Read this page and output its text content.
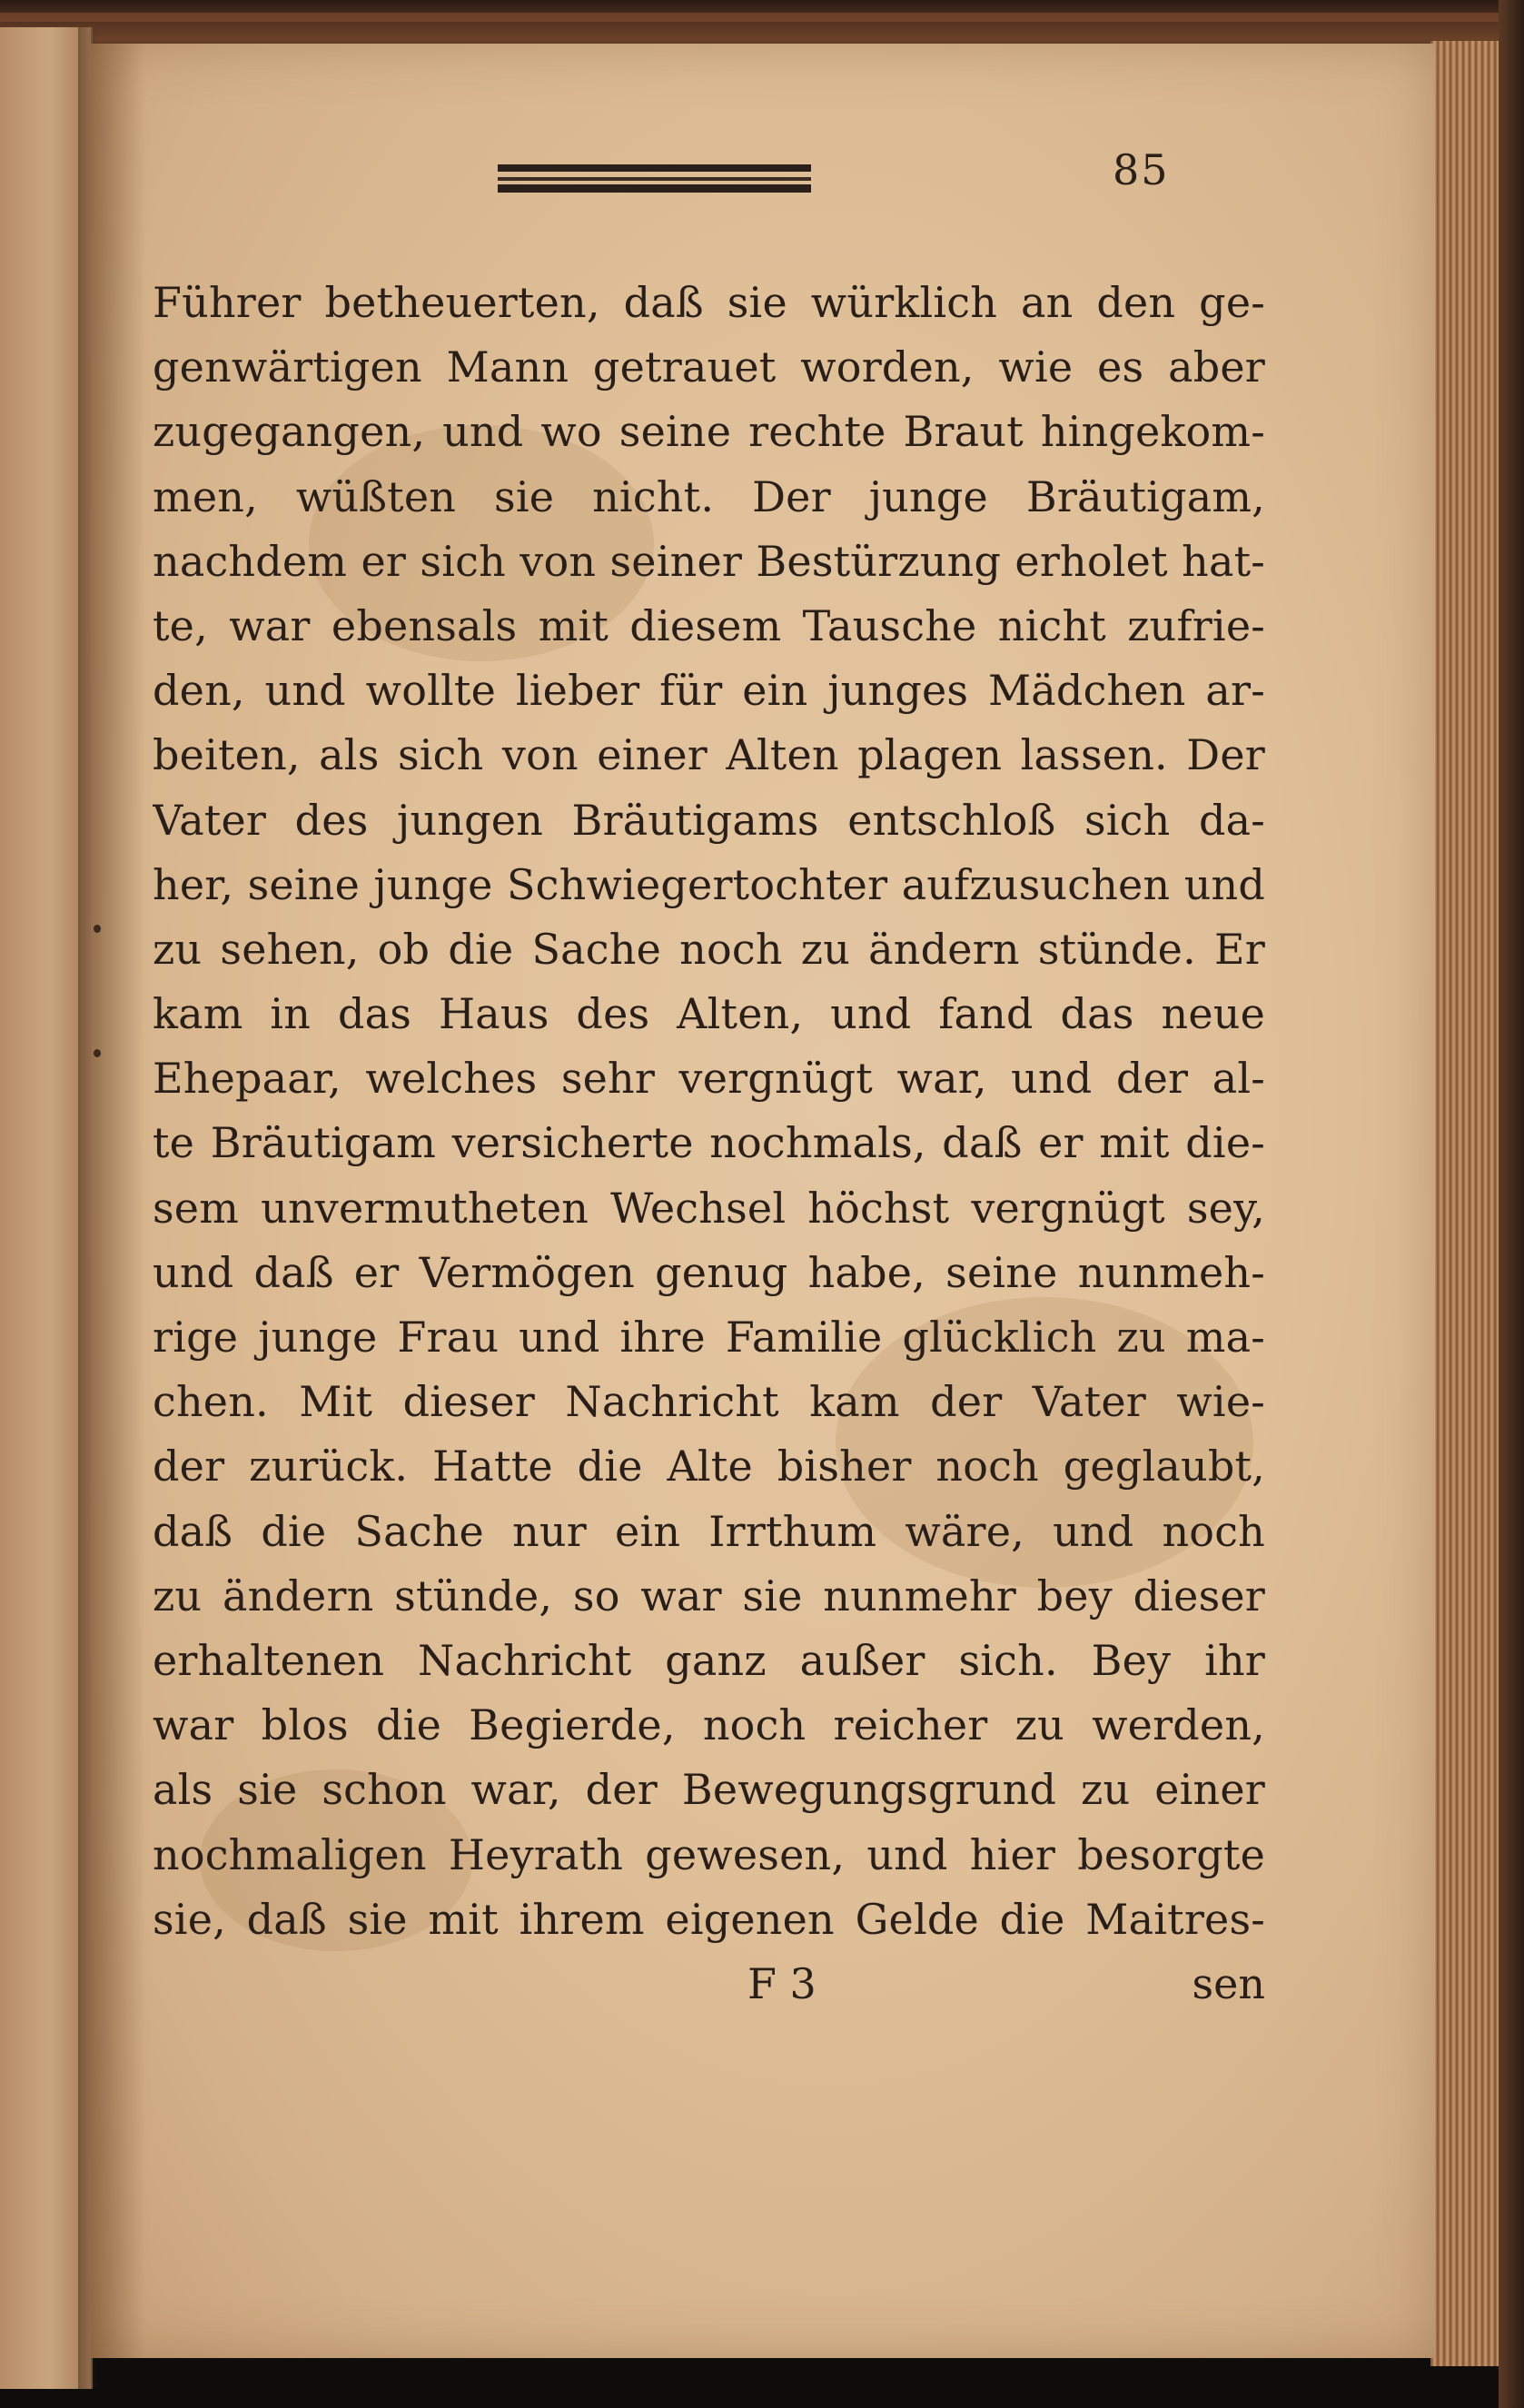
85
Führer betheuerten, daß sie würklich an den ge-
genwärtigen Mann getrauet worden, wie es aber
zugegangen, und wo seine rechte Braut hingekom-
men, wüßten sie nicht. Der junge Bräutigam,
nachdem er sich von seiner Bestürzung erholet hat-
te, war ebensals mit diesem Tausche nicht zufrie-
den, und wollte lieber für ein junges Mädchen ar-
beiten, als sich von einer Alten plagen lassen. Der
Vater des jungen Bräutigams entschloß sich da-
her, seine junge Schwiegertochter aufzusuchen und
zu sehen, ob die Sache noch zu ändern stünde. Er
kam in das Haus des Alten, und fand das neue
Ehepaar, welches sehr vergnügt war, und der al-
te Bräutigam versicherte nochmals, daß er mit die-
sem unvermutheten Wechsel höchst vergnügt sey,
und daß er Vermögen genug habe, seine nunmeh-
rige junge Frau und ihre Familie glücklich zu ma-
chen. Mit dieser Nachricht kam der Vater wie-
der zurück. Hatte die Alte bisher noch geglaubt,
daß die Sache nur ein Irrthum wäre, und noch
zu ändern stünde, so war sie nunmehr bey dieser
erhaltenen Nachricht ganz außer sich. Bey ihr
war blos die Begierde, noch reicher zu werden,
als sie schon war, der Bewegungsgrund zu einer
nochmaligen Heyrath gewesen, und hier besorgte
sie, daß sie mit ihrem eigenen Gelde die Maitres-
F 3	sen
